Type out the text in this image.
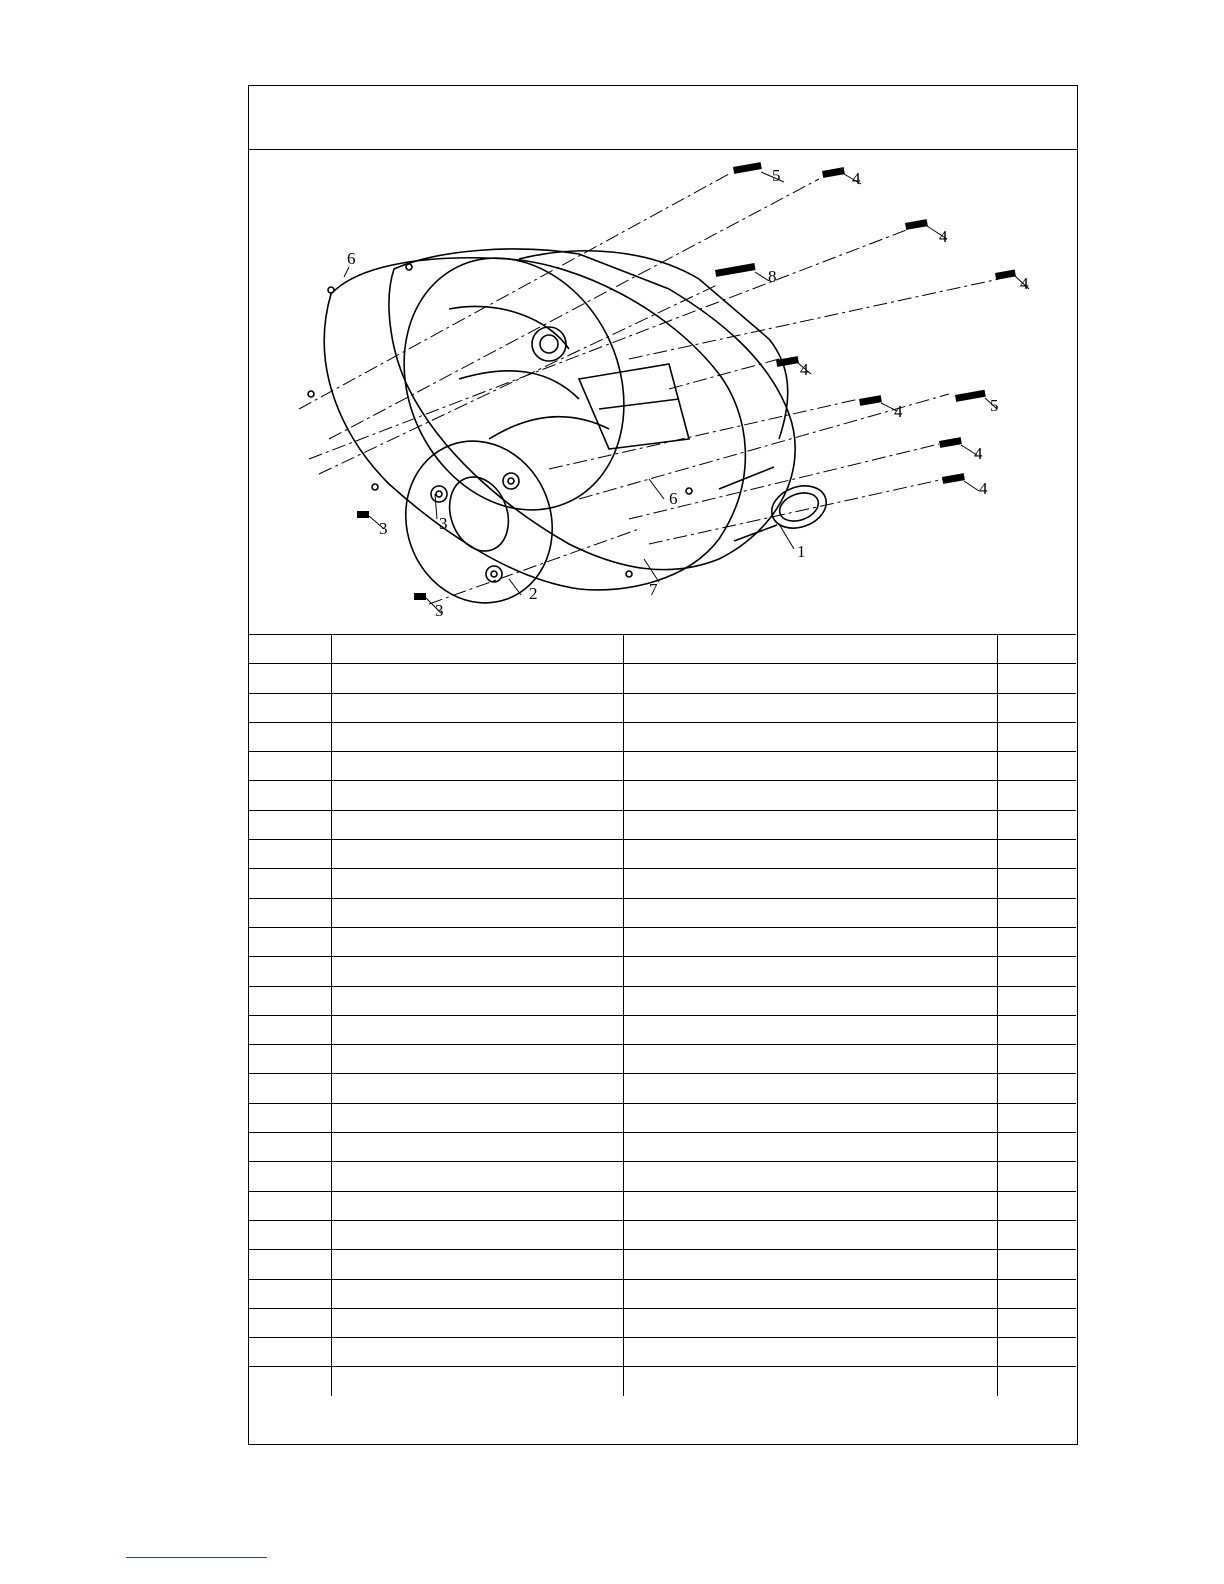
1
2
3
3
3
4
4
4
4
4
4
4
5
5
6
6
7
8
